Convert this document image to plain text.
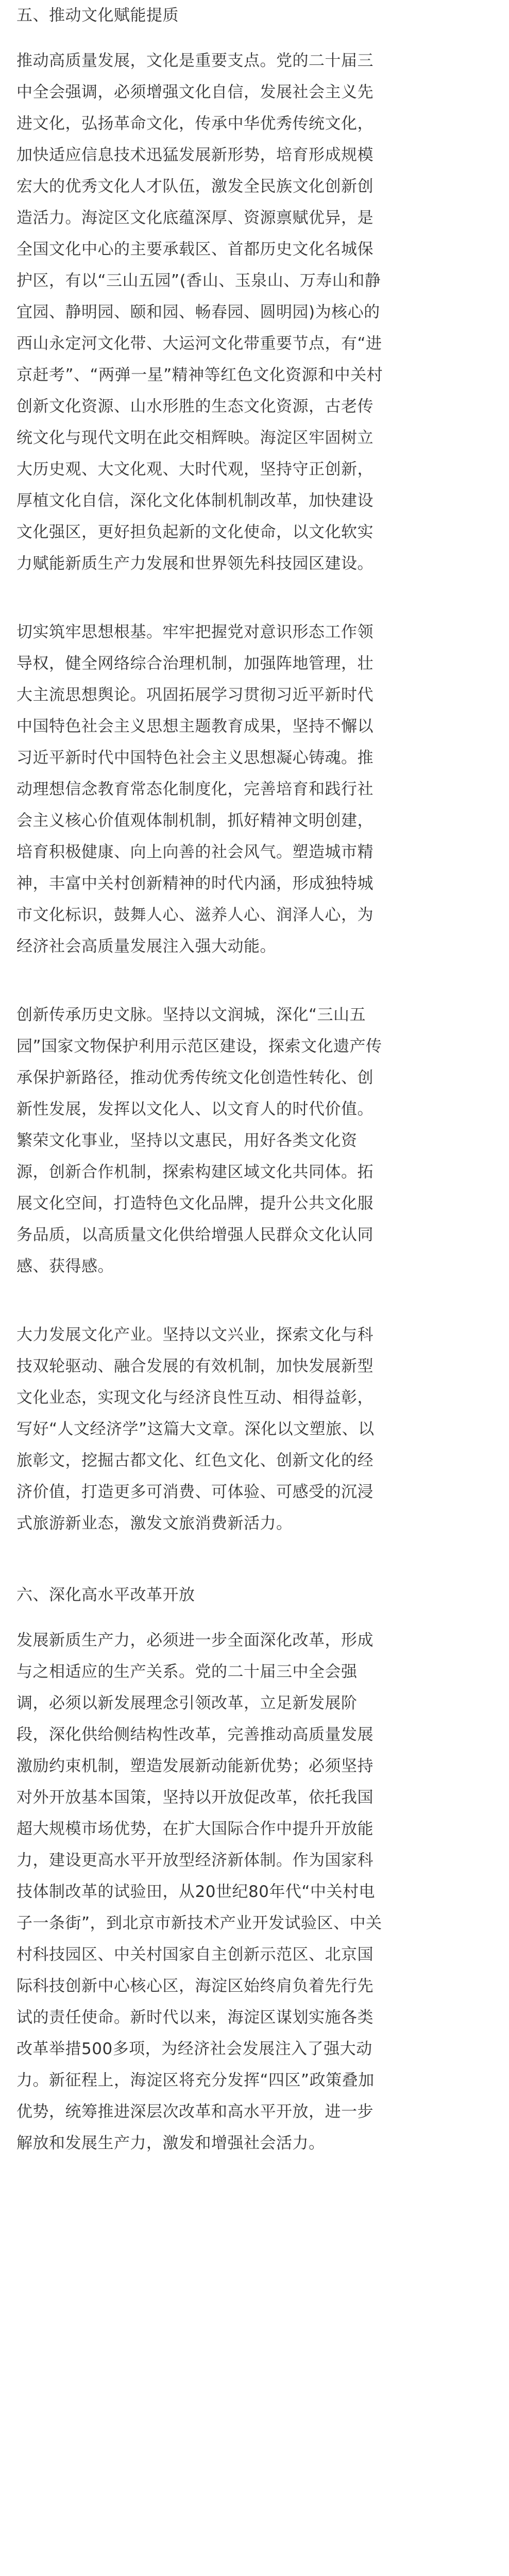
五、推动文化赋能提质

推动高质量发展，文化是重要支点。党的二十届三
中全会强调，必须增强文化自信，发展社会主义先
进文化，弘扬革命文化，传承中华优秀传统文化，
加快适应信息技术迅猛发展新形势，培育形成规模
宏大的优秀文化人才队伍，激发全民族文化创新创
造活力。海淀区文化底蕴深厚、资源禀赋优异，是
全国文化中心的主要承载区、首都历史文化名城保
护区，有以“三山五园”(香山、玉泉山、万寿山和静
宜园、静明园、颐和园、畅春园、圆明园)为核心的
西山永定河文化带、大运河文化带重要节点，有“进
京赶考”、“两弹一星”精神等红色文化资源和中关村
创新文化资源、山水形胜的生态文化资源，古老传
统文化与现代文明在此交相辉映。海淀区牢固树立
大历史观、大文化观、大时代观，坚持守正创新，
厚植文化自信，深化文化体制机制改革，加快建设
文化强区，更好担负起新的文化使命，以文化软实
力赋能新质生产力发展和世界领先科技园区建设。

切实筑牢思想根基。牢牢把握党对意识形态工作领
导权，健全网络综合治理机制，加强阵地管理，壮
大主流思想舆论。巩固拓展学习贯彻习近平新时代
中国特色社会主义思想主题教育成果，坚持不懈以
习近平新时代中国特色社会主义思想凝心铸魂。推
动理想信念教育常态化制度化，完善培育和践行社
会主义核心价值观体制机制，抓好精神文明创建，
培育积极健康、向上向善的社会风气。塑造城市精
神，丰富中关村创新精神的时代内涵，形成独特城
市文化标识，鼓舞人心、滋养人心、润泽人心，为
经济社会高质量发展注入强大动能。

创新传承历史文脉。坚持以文润城，深化“三山五
园”国家文物保护利用示范区建设，探索文化遗产传
承保护新路径，推动优秀传统文化创造性转化、创
新性发展，发挥以文化人、以文育人的时代价值。
繁荣文化事业，坚持以文惠民，用好各类文化资
源，创新合作机制，探索构建区域文化共同体。拓
展文化空间，打造特色文化品牌，提升公共文化服
务品质，以高质量文化供给增强人民群众文化认同
感、获得感。

大力发展文化产业。坚持以文兴业，探索文化与科
技双轮驱动、融合发展的有效机制，加快发展新型
文化业态，实现文化与经济良性互动、相得益彰，
写好“人文经济学”这篇大文章。深化以文塑旅、以
旅彰文，挖掘古都文化、红色文化、创新文化的经
济价值，打造更多可消费、可体验、可感受的沉浸
式旅游新业态，激发文旅消费新活力。

六、深化高水平改革开放

发展新质生产力，必须进一步全面深化改革，形成
与之相适应的生产关系。党的二十届三中全会强
调，必须以新发展理念引领改革，立足新发展阶
段，深化供给侧结构性改革，完善推动高质量发展
激励约束机制，塑造发展新动能新优势；必须坚持
对外开放基本国策，坚持以开放促改革，依托我国
超大规模市场优势，在扩大国际合作中提升开放能
力，建设更高水平开放型经济新体制。作为国家科
技体制改革的试验田，从20世纪80年代“中关村电
子一条街”，到北京市新技术产业开发试验区、中关
村科技园区、中关村国家自主创新示范区、北京国
际科技创新中心核心区，海淀区始终肩负着先行先
试的责任使命。新时代以来，海淀区谋划实施各类
改革举措500多项，为经济社会发展注入了强大动
力。新征程上，海淀区将充分发挥“四区”政策叠加
优势，统筹推进深层次改革和高水平开放，进一步
解放和发展生产力，激发和增强社会活力。
